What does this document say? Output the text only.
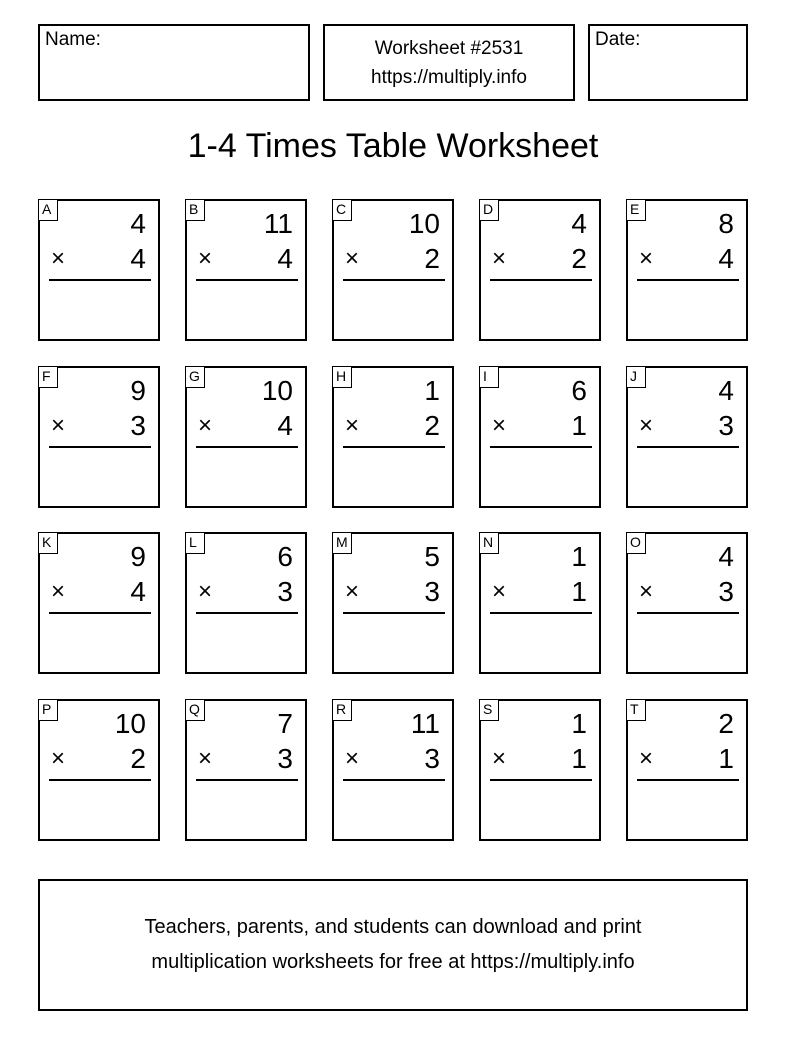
Name:	Worksheet #2531
https://multiply.info
Date:
1-4 Times Table Worksheet
A	4
× 4
B 11
× 4
C 10
× 2
D	4
× 2
E	8
× 4
F	9
× 3
G 10
× 4
H	1
× 2
I	6
× 1
J	4
× 3
K	9
× 4
L	6
× 3
M	5
× 3
N	1
× 1
O	4
× 3
P 10
× 2
Q	7
× 3
R 11
× 3
S	1
× 1
T	2
× 1
Teachers, parents, and students can download and print
multiplication worksheets for free at https://multiply.info
